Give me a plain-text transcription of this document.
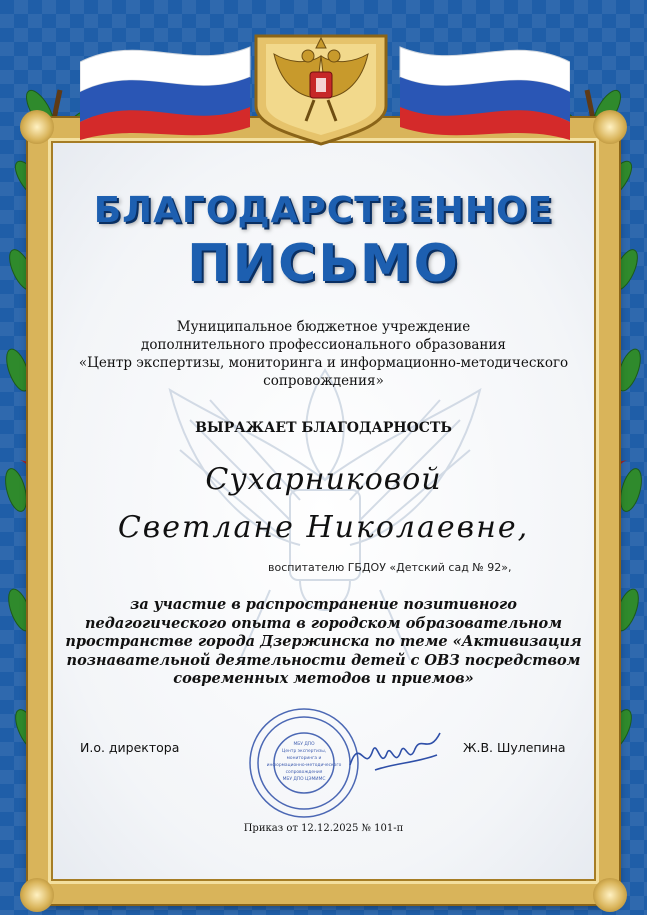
БЛАГОДАРСТВЕННОЕ
ПИСЬМО
Муниципальное бюджетное учреждение
дополнительного профессионального образования
«Центр экспертизы, мониторинга и информационно-методического
сопровождения»
ВЫРАЖАЕТ БЛАГОДАРНОСТЬ
Сухарниковой
Светлане Николаевне,
воспитателю ГБДОУ «Детский сад № 92»,
за участие в распространение позитивного
педагогического опыта в городском образовательном
пространстве города Дзержинска по теме «Активизация
познавательной деятельности детей с ОВЗ посредством
современных методов и приемов»
И.о. директора	Ж.В. Шулепина
МБУ ДПО
Центр экспертизы,
мониторинга и
информационно-методического
сопровождения
МБУ ДПО ЦЭМИМС
Приказ от 12.12.2025 № 101-п
